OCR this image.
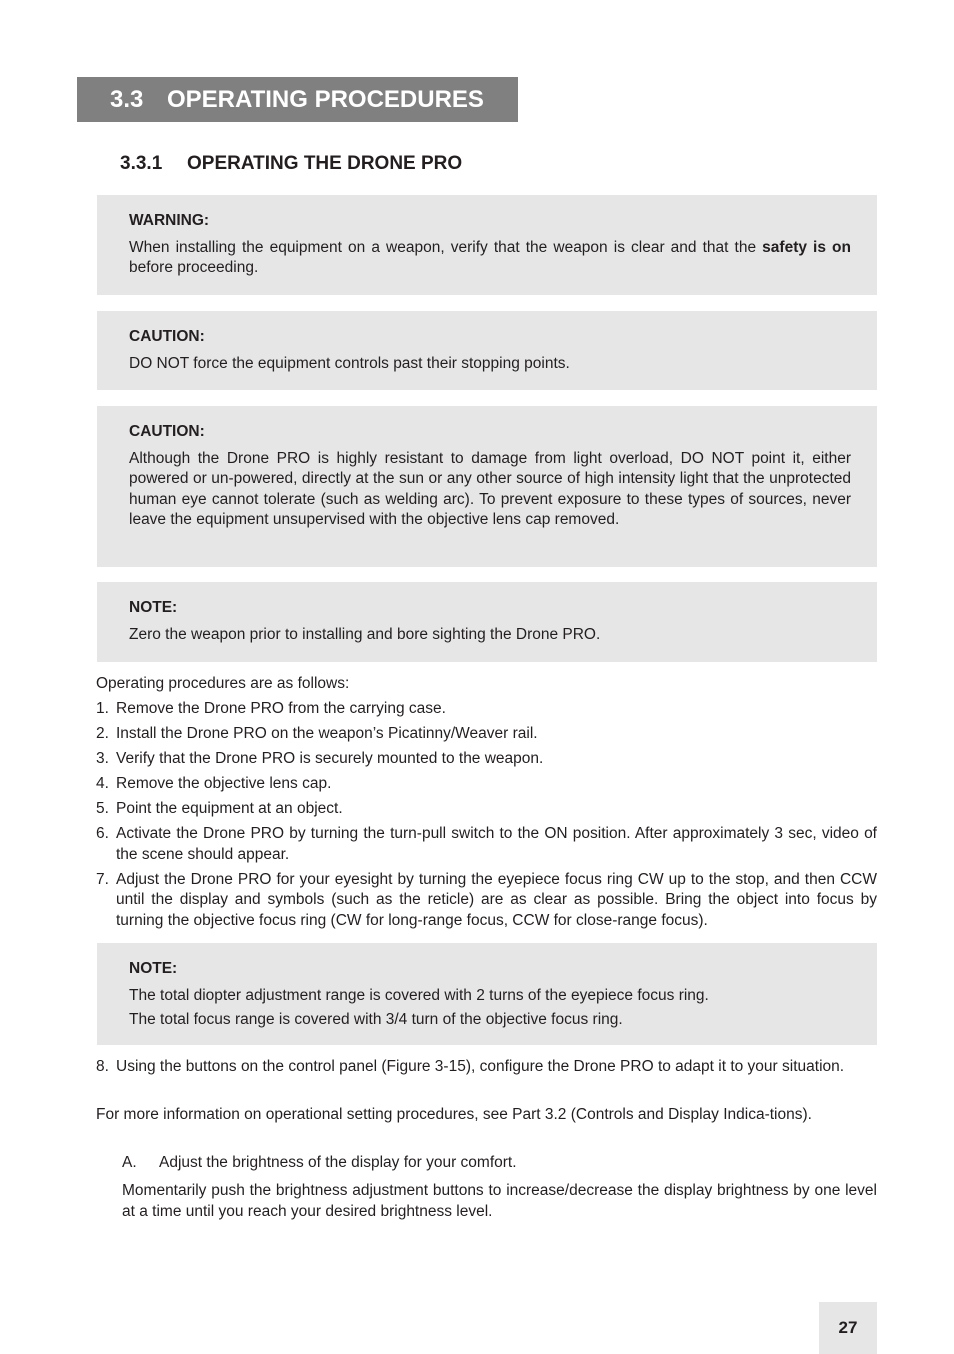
3.3 OPERATING PROCEDURES
3.3.1 OPERATING THE DRONE PRO
WARNING:

When installing the equipment on a weapon, verify that the weapon is clear and that the safety is on before proceeding.

CAUTION:

DO NOT force the equipment controls past their stopping points.

CAUTION:

Although the Drone PRO is highly resistant to damage from light overload, DO NOT point it, either powered or un-powered, directly at the sun or any other source of high intensity light that the unprotected human eye cannot tolerate (such as welding arc). To prevent exposure to these types of sources, never leave the equipment unsupervised with the objective lens cap removed.

NOTE:

Zero the weapon prior to installing and bore sighting the Drone PRO.

Operating procedures are as follows:

1. Remove the Drone PRO from the carrying case.
2. Install the Drone PRO on the weapon’s Picatinny/Weaver rail.
3. Verify that the Drone PRO is securely mounted to the weapon.
4. Remove the objective lens cap.
5. Point the equipment at an object.
6. Activate the Drone PRO by turning the turn-pull switch to the ON position. After approximately 3 sec, video of the scene should appear.
7. Adjust the Drone PRO for your eyesight by turning the eyepiece focus ring CW up to the stop, and then CCW until the display and symbols (such as the reticle) are as clear as possible. Bring the object into focus by turning the objective focus ring (CW for long-range focus, CCW for close-range focus).
NOTE:

The total diopter adjustment range is covered with 2 turns of the eyepiece focus ring.

The total focus range is covered with 3/4 turn of the objective focus ring.

8. Using the buttons on the control panel (Figure 3-15), configure the Drone PRO to adapt it to your situation.

For more information on operational setting procedures, see Part 3.2 (Controls and Display Indica-tions).

A. Adjust the brightness of the display for your comfort.
Momentarily push the brightness adjustment buttons to increase/decrease the display brightness by one level at a time until you reach your desired brightness level.
27
